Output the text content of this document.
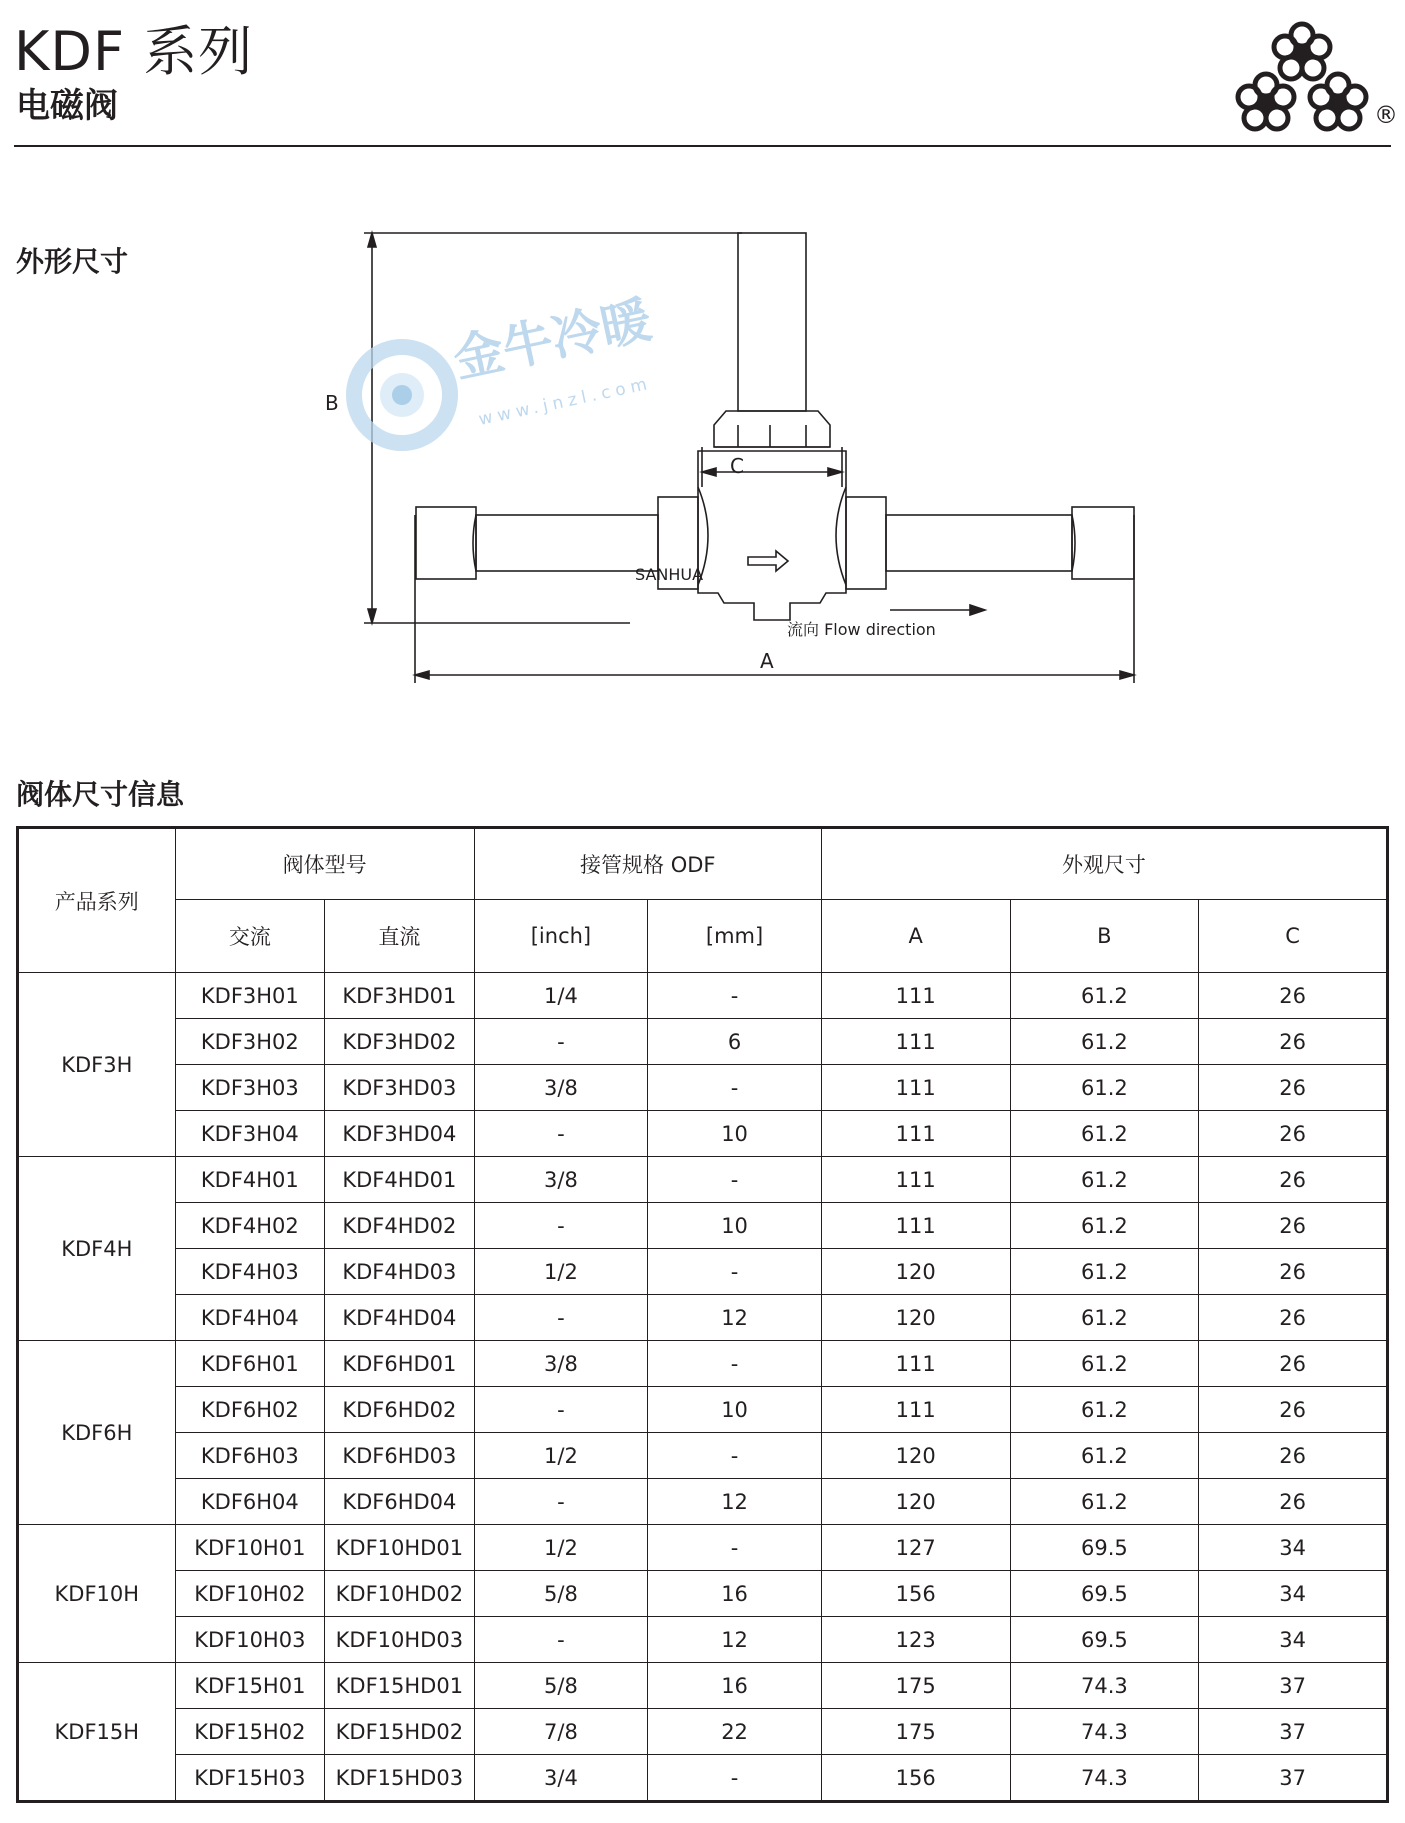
KDF 系列
电磁阀	®
外形尺寸
SANHUA
流向 Flow direction
C
A
B
金牛冷暖
www.jnzl.com
阀体尺寸信息
产品系列	阀体型号		接管规格 ODF		外观尺寸		
	交流	直流	[inch]	[mm]	A	B	C
KDF3H	KDF3H01	KDF3HD01	1/4	-	111	61.2	26
	KDF3H02	KDF3HD02	-	6	111	61.2	26
	KDF3H03	KDF3HD03	3/8	-	111	61.2	26
	KDF3H04	KDF3HD04	-	10	111	61.2	26
KDF4H	KDF4H01	KDF4HD01	3/8	-	111	61.2	26
	KDF4H02	KDF4HD02	-	10	111	61.2	26
	KDF4H03	KDF4HD03	1/2	-	120	61.2	26
	KDF4H04	KDF4HD04	-	12	120	61.2	26
KDF6H	KDF6H01	KDF6HD01	3/8	-	111	61.2	26
	KDF6H02	KDF6HD02	-	10	111	61.2	26
	KDF6H03	KDF6HD03	1/2	-	120	61.2	26
	KDF6H04	KDF6HD04	-	12	120	61.2	26
KDF10H	KDF10H01	KDF10HD01	1/2	-	127	69.5	34
	KDF10H02	KDF10HD02	5/8	16	156	69.5	34
	KDF10H03	KDF10HD03	-	12	123	69.5	34
KDF15H	KDF15H01	KDF15HD01	5/8	16	175	74.3	37
	KDF15H02	KDF15HD02	7/8	22	175	74.3	37
	KDF15H03	KDF15HD03	3/4	-	156	74.3	37
